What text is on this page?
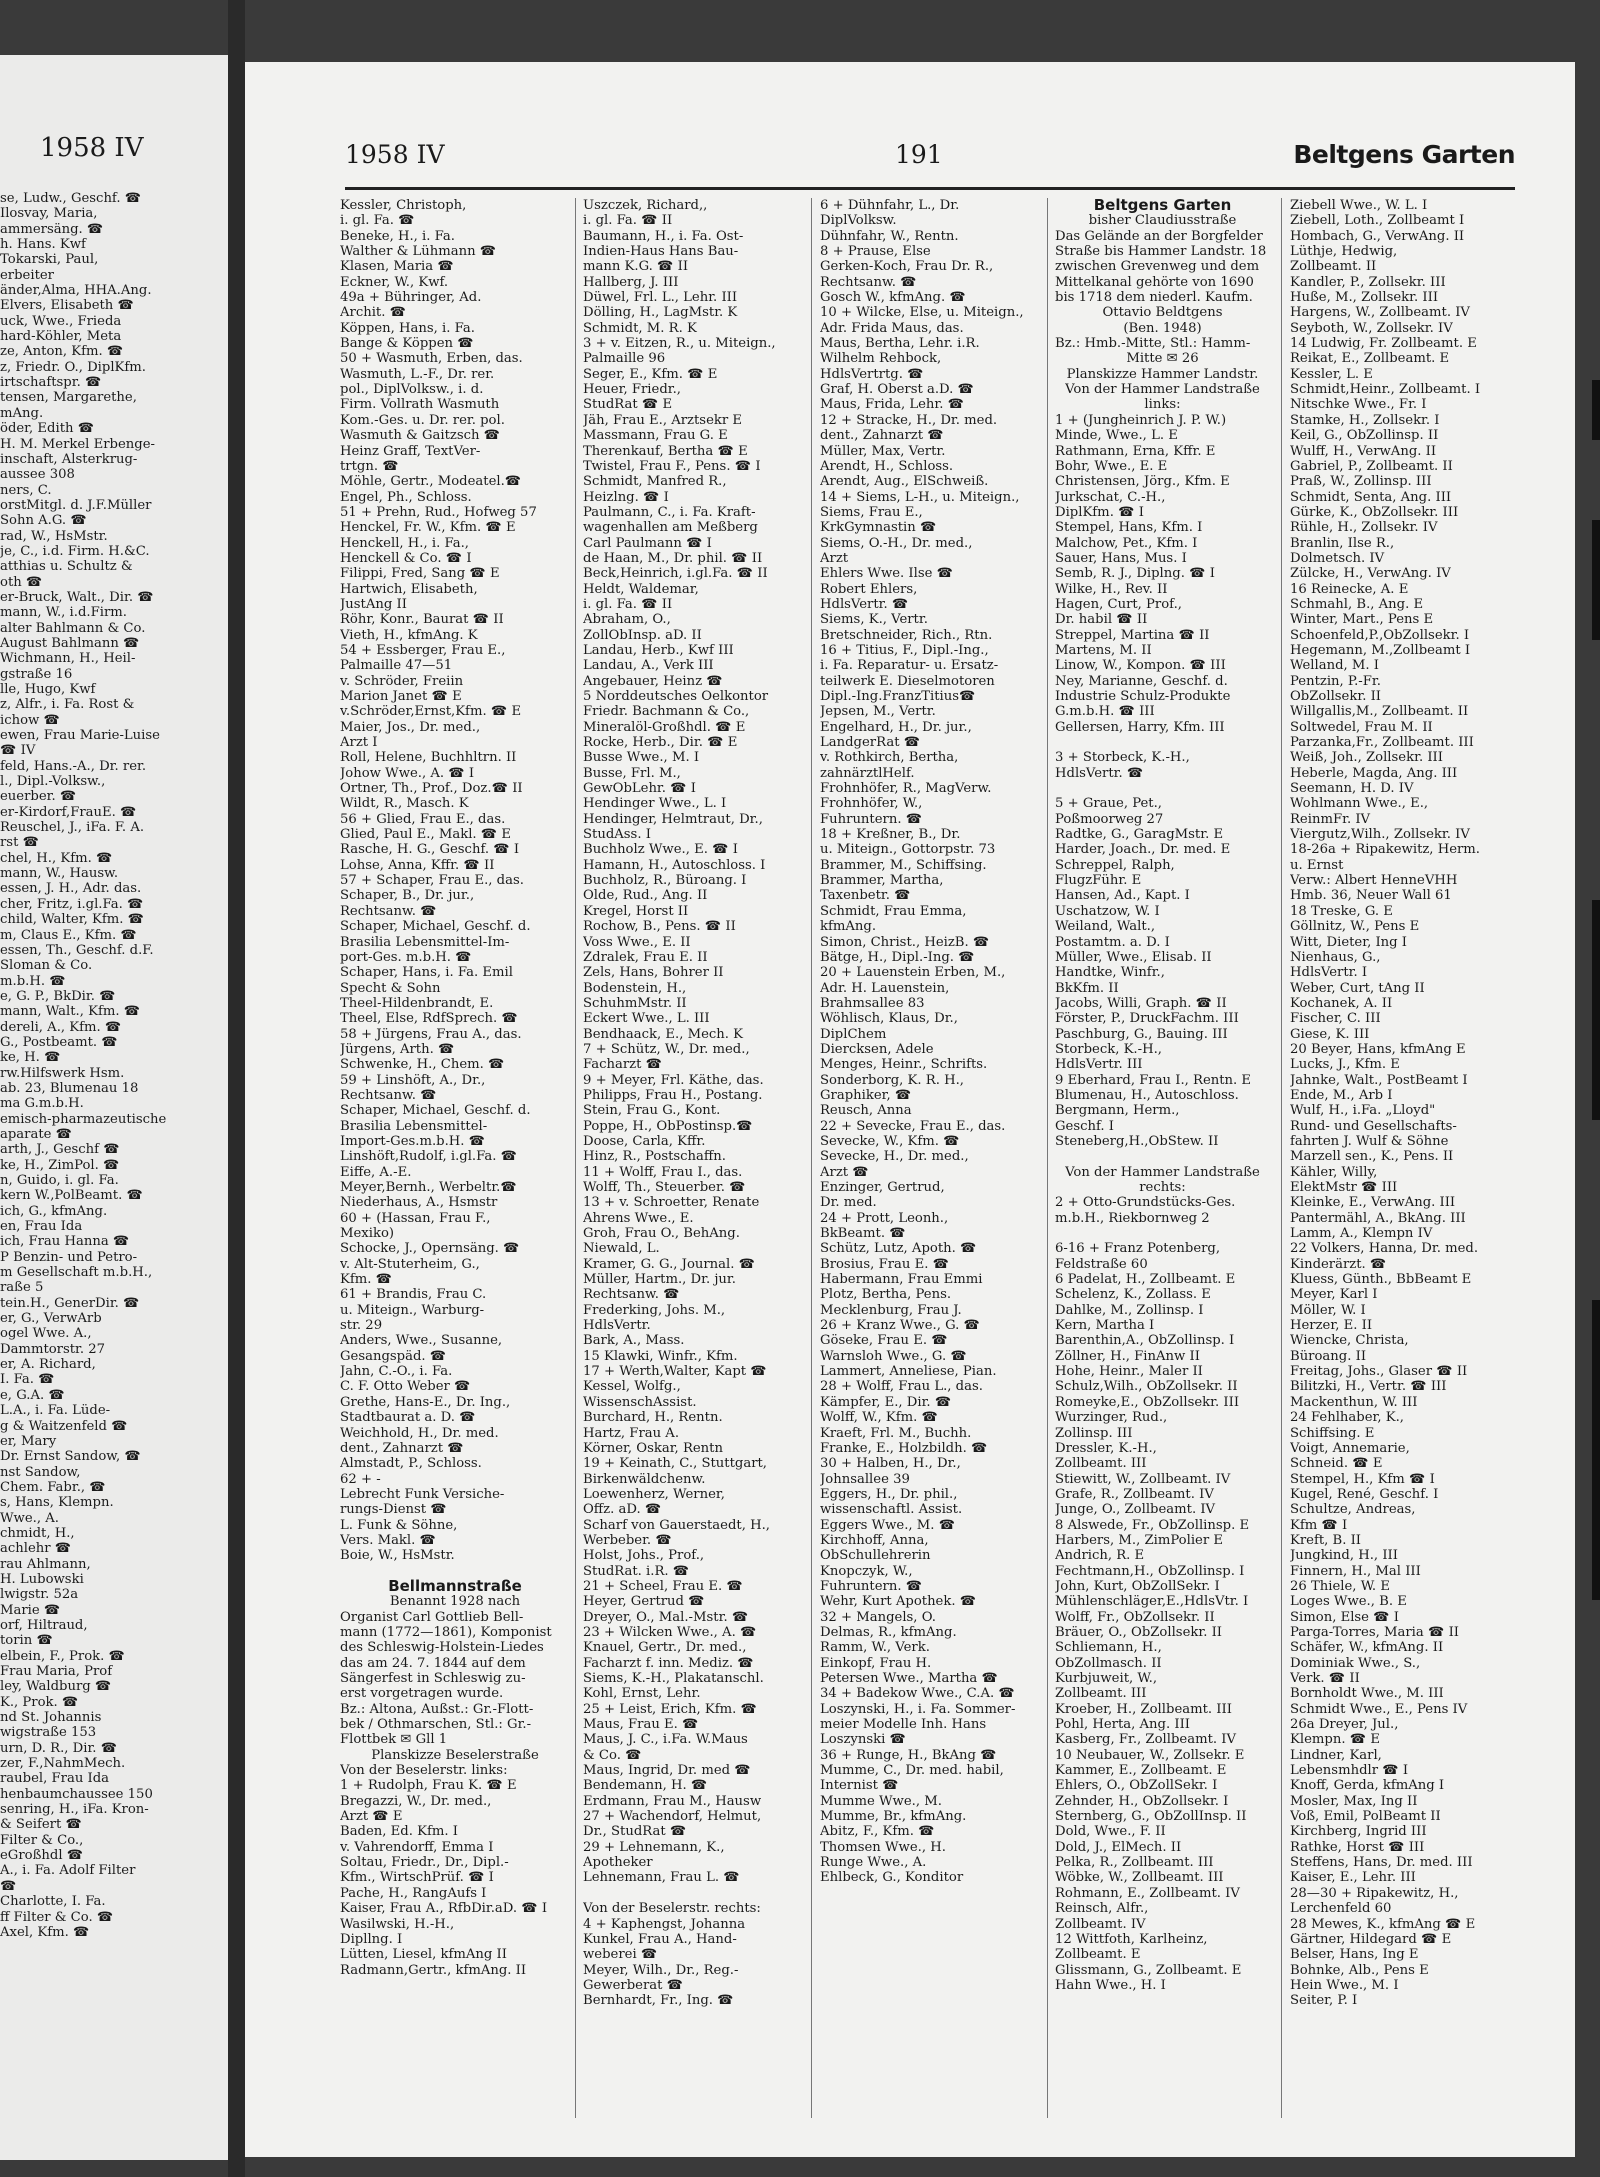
1958 IV
se, Ludw., Geschf. ☎
Ilosvay, Maria,
ammersäng. ☎
h. Hans. Kwf
Tokarski, Paul,
erbeiter
änder,Alma, HHA.Ang.
Elvers, Elisabeth ☎
uck, Wwe., Frieda
hard-Köhler, Meta
ze, Anton, Kfm. ☎
z, Friedr. O., DiplKfm.
irtschaftspr. ☎
tensen, Margarethe,
mAng.
öder, Edith ☎
H. M. Merkel Erbenge-
inschaft, Alsterkrug-
aussee 308
ners, C.
orstMitgl. d. J.F.Müller
Sohn A.G. ☎
rad, W., HsMstr.
je, C., i.d. Firm. H.&C.
atthias u. Schultz &
oth ☎
er-Bruck, Walt., Dir. ☎
mann, W., i.d.Firm.
alter Bahlmann & Co.
August Bahlmann ☎
Wichmann, H., Heil-
gstraße 16
lle, Hugo, Kwf
z, Alfr., i. Fa. Rost &
ichow ☎
ewen, Frau Marie-Luise
☎ IV
feld, Hans.-A., Dr. rer.
l., Dipl.-Volksw.,
euerber. ☎
er-Kirdorf,FrauE. ☎
Reuschel, J., iFa. F. A.
rst ☎
chel, H., Kfm. ☎
mann, W., Hausw.
essen, J. H., Adr. das.
cher, Fritz, i.gl.Fa. ☎
child, Walter, Kfm. ☎
m, Claus E., Kfm. ☎
essen, Th., Geschf. d.F.
Sloman & Co.
m.b.H. ☎
e, G. P., BkDir. ☎
mann, Walt., Kfm. ☎
dereli, A., Kfm. ☎
G., Postbeamt. ☎
ke, H. ☎
rw.Hilfswerk Hsm.
ab. 23, Blumenau 18
ma G.m.b.H.
emisch-pharmazeutische
aparate ☎
arth, J., Geschf ☎
ke, H., ZimPol. ☎
n, Guido, i. gl. Fa.
kern W.,PolBeamt. ☎
ich, G., kfmAng.
en, Frau Ida
ich, Frau Hanna ☎
P Benzin- und Petro-
m Gesellschaft m.b.H.,
raße 5
tein.H., GenerDir. ☎
er, G., VerwArb
ogel Wwe. A.,
Dammtorstr. 27
er, A. Richard,
I. Fa. ☎
e, G.A. ☎
L.A., i. Fa. Lüde-
g & Waitzenfeld ☎
er, Mary
Dr. Ernst Sandow, ☎
nst Sandow,
Chem. Fabr., ☎
s, Hans, Klempn.
Wwe., A.
chmidt, H.,
achlehr ☎
rau Ahlmann,
H. Lubowski
lwigstr. 52a
Marie ☎
orf, Hiltraud,
torin ☎
elbein, F., Prok. ☎
Frau Maria, Prof
ley, Waldburg ☎
K., Prok. ☎
nd St. Johannis
wigstraße 153
urn, D. R., Dir. ☎
zer, F.,NahmMech.
raubel, Frau Ida
henbaumchaussee 150
senring, H., iFa. Kron-
& Seifert ☎
Filter & Co.,
eGroßhdl ☎
A., i. Fa. Adolf Filter
☎
Charlotte, I. Fa.
ff Filter & Co. ☎
Axel, Kfm. ☎
1958 IV	191	Beltgens Garten
Kessler, Christoph,
i. gl. Fa. ☎
Beneke, H., i. Fa.
Walther & Lühmann ☎
Klasen, Maria ☎
Eckner, W., Kwf.
49a + Bühringer, Ad.
Archit. ☎
Köppen, Hans, i. Fa.
Bange & Köppen ☎
50 + Wasmuth, Erben, das.
Wasmuth, L.-F., Dr. rer.
pol., DiplVolksw., i. d.
Firm. Vollrath Wasmuth
Kom.-Ges. u. Dr. rer. pol.
Wasmuth & Gaitzsch ☎
Heinz Graff, TextVer-
trtgn. ☎
Möhle, Gertr., Modeatel.☎
Engel, Ph., Schloss.
51 + Prehn, Rud., Hofweg 57
Henckel, Fr. W., Kfm. ☎ E
Henckell, H., i. Fa.,
Henckell & Co. ☎ I
Filippi, Fred, Sang ☎ E
Hartwich, Elisabeth,
JustAng II
Röhr, Konr., Baurat ☎ II
Vieth, H., kfmAng. K
54 + Essberger, Frau E.,
Palmaille 47—51
v. Schröder, Freiin
Marion Janet ☎ E
v.Schröder,Ernst,Kfm. ☎ E
Maier, Jos., Dr. med.,
Arzt I
Roll, Helene, Buchhltrn. II
Johow Wwe., A. ☎ I
Ortner, Th., Prof., Doz.☎ II
Wildt, R., Masch. K
56 + Glied, Frau E., das.
Glied, Paul E., Makl. ☎ E
Rasche, H. G., Geschf. ☎ I
Lohse, Anna, Kffr. ☎ II
57 + Schaper, Frau E., das.
Schaper, B., Dr. jur.,
Rechtsanw. ☎
Schaper, Michael, Geschf. d.
Brasilia Lebensmittel-Im-
port-Ges. m.b.H. ☎
Schaper, Hans, i. Fa. Emil
Specht & Sohn
Theel-Hildenbrandt, E.
Theel, Else, RdfSprech. ☎
58 + Jürgens, Frau A., das.
Jürgens, Arth. ☎
Schwenke, H., Chem. ☎
59 + Linshöft, A., Dr.,
Rechtsanw. ☎
Schaper, Michael, Geschf. d.
Brasilia Lebensmittel-
Import-Ges.m.b.H. ☎
Linshöft,Rudolf, i.gl.Fa. ☎
Eiffe, A.-E.
Meyer,Bernh., Werbeltr.☎
Niederhaus, A., Hsmstr
60 + (Hassan, Frau F.,
Mexiko)
Schocke, J., Opernsäng. ☎
v. Alt-Stuterheim, G.,
Kfm. ☎
61 + Brandis, Frau C.
u. Miteign., Warburg-
str. 29
Anders, Wwe., Susanne,
Gesangspäd. ☎
Jahn, C.-O., i. Fa.
C. F. Otto Weber ☎
Grethe, Hans-E., Dr. Ing.,
Stadtbaurat a. D. ☎
Weichhold, H., Dr. med.
dent., Zahnarzt ☎
Almstadt, P., Schloss.
62 + -
Lebrecht Funk Versiche-
rungs-Dienst ☎
L. Funk & Söhne,
Vers. Makl. ☎
Boie, W., HsMstr.
Bellmannstraße
Benannt 1928 nach
Organist Carl Gottlieb Bell-
mann (1772—1861), Komponist
des Schleswig-Holstein-Liedes
das am 24. 7. 1844 auf dem
Sängerfest in Schleswig zu-
erst vorgetragen wurde.
Bz.: Altona, Außst.: Gr.-Flott-
bek / Othmarschen, Stl.: Gr.-
Flottbek ✉ Gll 1
Planskizze Beselerstraße
Von der Beselerstr. links:
1 + Rudolph, Frau K. ☎ E
Bregazzi, W., Dr. med.,
Arzt ☎ E
Baden, Ed. Kfm. I
v. Vahrendorff, Emma I
Soltau, Friedr., Dr., Dipl.-
Kfm., WirtschPrüf. ☎ I
Pache, H., RangAufs I
Kaiser, Frau A., RfbDir.aD. ☎ I
Wasilwski, H.-H.,
Dipllng. I
Lütten, Liesel, kfmAng II
Radmann,Gertr., kfmAng. II
Uszczek, Richard,,
i. gl. Fa. ☎ II
Baumann, H., i. Fa. Ost-
Indien-Haus Hans Bau-
mann K.G. ☎ II
Hallberg, J. III
Düwel, Frl. L., Lehr. III
Dölling, H., LagMstr. K
Schmidt, M. R. K
3 + v. Eitzen, R., u. Miteign.,
Palmaille 96
Seger, E., Kfm. ☎ E
Heuer, Friedr.,
StudRat ☎ E
Jäh, Frau E., Arztsekr E
Massmann, Frau G. E
Therenkauf, Bertha ☎ E
Twistel, Frau F., Pens. ☎ I
Schmidt, Manfred R.,
Heizlng. ☎ I
Paulmann, C., i. Fa. Kraft-
wagenhallen am Meßberg
Carl Paulmann ☎ I
de Haan, M., Dr. phil. ☎ II
Beck,Heinrich, i.gl.Fa. ☎ II
Heldt, Waldemar,
i. gl. Fa. ☎ II
Abraham, O.,
ZollObInsp. aD. II
Landau, Herb., Kwf III
Landau, A., Verk III
Angebauer, Heinz ☎
5 Norddeutsches Oelkontor
Friedr. Bachmann & Co.,
Mineralöl-Großhdl. ☎ E
Rocke, Herb., Dir. ☎ E
Busse Wwe., M. I
Busse, Frl. M.,
GewObLehr. ☎ I
Hendinger Wwe., L. I
Hendinger, Helmtraut, Dr.,
StudAss. I
Buchholz Wwe., E. ☎ I
Hamann, H., Autoschloss. I
Buchholz, R., Büroang. I
Olde, Rud., Ang. II
Kregel, Horst II
Rochow, B., Pens. ☎ II
Voss Wwe., E. II
Zdralek, Frau E. II
Zels, Hans, Bohrer II
Bodenstein, H.,
SchuhmMstr. II
Eckert Wwe., L. III
Bendhaack, E., Mech. K
7 + Schütz, W., Dr. med.,
Facharzt ☎
9 + Meyer, Frl. Käthe, das.
Philipps, Frau H., Postang.
Stein, Frau G., Kont.
Poppe, H., ObPostinsp.☎
Doose, Carla, Kffr.
Hinz, R., Postschaffn.
11 + Wolff, Frau I., das.
Wolff, Th., Steuerber. ☎
13 + v. Schroetter, Renate
Ahrens Wwe., E.
Groh, Frau O., BehAng.
Niewald, L.
Kramer, G. G., Journal. ☎
Müller, Hartm., Dr. jur.
Rechtsanw. ☎
Frederking, Johs. M.,
HdlsVertr.
Bark, A., Mass.
15 Klawki, Winfr., Kfm.
17 + Werth,Walter, Kapt ☎
Kessel, Wolfg.,
WissenschAssist.
Burchard, H., Rentn.
Hartz, Frau A.
Körner, Oskar, Rentn
19 + Keinath, C., Stuttgart,
Birkenwäldchenw.
Loewenherz, Werner,
Offz. aD. ☎
Scharf von Gauerstaedt, H.,
Werbeber. ☎
Holst, Johs., Prof.,
StudRat. i.R. ☎
21 + Scheel, Frau E. ☎
Heyer, Gertrud ☎
Dreyer, O., Mal.-Mstr. ☎
23 + Wilcken Wwe., A. ☎
Knauel, Gertr., Dr. med.,
Facharzt f. inn. Mediz. ☎
Siems, K.-H., Plakatanschl.
Kohl, Ernst, Lehr.
25 + Leist, Erich, Kfm. ☎
Maus, Frau E. ☎
Maus, J. C., i.Fa. W.Maus
& Co. ☎
Maus, Ingrid, Dr. med ☎
Bendemann, H. ☎
Erdmann, Frau M., Hausw
27 + Wachendorf, Helmut,
Dr., StudRat ☎
29 + Lehnemann, K.,
Apotheker
Lehnemann, Frau L. ☎
Von der Beselerstr. rechts:
4 + Kaphengst, Johanna
Kunkel, Frau A., Hand-
weberei ☎
Meyer, Wilh., Dr., Reg.-
Gewerberat ☎
Bernhardt, Fr., Ing. ☎
6 + Dühnfahr, L., Dr.
DiplVolksw.
Dühnfahr, W., Rentn.
8 + Prause, Else
Gerken-Koch, Frau Dr. R.,
Rechtsanw. ☎
Gosch W., kfmAng. ☎
10 + Wilcke, Else, u. Miteign.,
Adr. Frida Maus, das.
Maus, Bertha, Lehr. i.R.
Wilhelm Rehbock,
HdlsVertrtg. ☎
Graf, H. Oberst a.D. ☎
Maus, Frida, Lehr. ☎
12 + Stracke, H., Dr. med.
dent., Zahnarzt ☎
Müller, Max, Vertr.
Arendt, H., Schloss.
Arendt, Aug., ElSchweiß.
14 + Siems, L-H., u. Miteign.,
Siems, Frau E.,
KrkGymnastin ☎
Siems, O.-H., Dr. med.,
Arzt
Ehlers Wwe. Ilse ☎
Robert Ehlers,
HdlsVertr. ☎
Siems, K., Vertr.
Bretschneider, Rich., Rtn.
16 + Titius, F., Dipl.-Ing.,
i. Fa. Reparatur- u. Ersatz-
teilwerk E. Dieselmotoren
Dipl.-Ing.FranzTitius☎
Jepsen, M., Vertr.
Engelhard, H., Dr. jur.,
LandgerRat ☎
v. Rothkirch, Bertha,
zahnärztlHelf.
Frohnhöfer, R., MagVerw.
Frohnhöfer, W.,
Fuhruntern. ☎
18 + Kreßner, B., Dr.
u. Miteign., Gottorpstr. 73
Brammer, M., Schiffsing.
Brammer, Martha,
Taxenbetr. ☎
Schmidt, Frau Emma,
kfmAng.
Simon, Christ., HeizB. ☎
Bätge, H., Dipl.-Ing. ☎
20 + Lauenstein Erben, M.,
Adr. H. Lauenstein,
Brahmsallee 83
Wöhlisch, Klaus, Dr.,
DiplChem
Diercksen, Adele
Menges, Heinr., Schrifts.
Sonderborg, K. R. H.,
Graphiker, ☎
Reusch, Anna
22 + Sevecke, Frau E., das.
Sevecke, W., Kfm. ☎
Sevecke, H., Dr. med.,
Arzt ☎
Enzinger, Gertrud,
Dr. med.
24 + Prott, Leonh.,
BkBeamt. ☎
Schütz, Lutz, Apoth. ☎
Brosius, Frau E. ☎
Habermann, Frau Emmi
Plotz, Bertha, Pens.
Mecklenburg, Frau J.
26 + Kranz Wwe., G. ☎
Göseke, Frau E. ☎
Warnsloh Wwe., G. ☎
Lammert, Anneliese, Pian.
28 + Wolff, Frau L., das.
Kämpfer, E., Dir. ☎
Wolff, W., Kfm. ☎
Kraeft, Frl. M., Buchh.
Franke, E., Holzbildh. ☎
30 + Halben, H., Dr.,
Johnsallee 39
Eggers, H., Dr. phil.,
wissenschaftl. Assist.
Eggers Wwe., M. ☎
Kirchhoff, Anna,
ObSchullehrerin
Knopczyk, W.,
Fuhruntern. ☎
Wehr, Kurt Apothek. ☎
32 + Mangels, O.
Delmas, R., kfmAng.
Ramm, W., Verk.
Einkopf, Frau H.
Petersen Wwe., Martha ☎
34 + Badekow Wwe., C.A. ☎
Loszynski, H., i. Fa. Sommer-
meier Modelle Inh. Hans
Loszynski ☎
36 + Runge, H., BkAng ☎
Mumme, C., Dr. med. habil,
Internist ☎
Mumme Wwe., M.
Mumme, Br., kfmAng.
Abitz, F., Kfm. ☎
Thomsen Wwe., H.
Runge Wwe., A.
Ehlbeck, G., Konditor
Beltgens Garten
bisher Claudiusstraße
Das Gelände an der Borgfelder
Straße bis Hammer Landstr. 18
zwischen Grevenweg und dem
Mittelkanal gehörte von 1690
bis 1718 dem niederl. Kaufm.
Ottavio Beldtgens
(Ben. 1948)
Bz.: Hmb.-Mitte, Stl.: Hamm-
Mitte ✉ 26
Planskizze Hammer Landstr.
Von der Hammer Landstraße
links:
1 + (Jungheinrich J. P. W.)
Minde, Wwe., L. E
Rathmann, Erna, Kffr. E
Bohr, Wwe., E. E
Christensen, Jörg., Kfm. E
Jurkschat, C.-H.,
DiplKfm. ☎ I
Stempel, Hans, Kfm. I
Malchow, Pet., Kfm. I
Sauer, Hans, Mus. I
Semb, R. J., Diplng. ☎ I
Wilke, H., Rev. II
Hagen, Curt, Prof.,
Dr. habil ☎ II
Streppel, Martina ☎ II
Martens, M. II
Linow, W., Kompon. ☎ III
Ney, Marianne, Geschf. d.
Industrie Schulz-Produkte
G.m.b.H. ☎ III
Gellersen, Harry, Kfm. III
3 + Storbeck, K.-H.,
HdlsVertr. ☎
5 + Graue, Pet.,
Poßmoorweg 27
Radtke, G., GaragMstr. E
Harder, Joach., Dr. med. E
Schreppel, Ralph,
FlugzFühr. E
Hansen, Ad., Kapt. I
Uschatzow, W. I
Weiland, Walt.,
Postamtm. a. D. I
Müller, Wwe., Elisab. II
Handtke, Winfr.,
BkKfm. II
Jacobs, Willi, Graph. ☎ II
Förster, P., DruckFachm. III
Paschburg, G., Bauing. III
Storbeck, K.-H.,
HdlsVertr. III
9 Eberhard, Frau I., Rentn. E
Blumenau, H., Autoschloss.
Bergmann, Herm.,
Geschf. I
Steneberg,H.,ObStew. II
Von der Hammer Landstraße
rechts:
2 + Otto-Grundstücks-Ges.
m.b.H., Riekbornweg 2
6-16 + Franz Potenberg,
Feldstraße 60
6 Padelat, H., Zollbeamt. E
Schelenz, K., Zollass. E
Dahlke, M., Zollinsp. I
Kern, Martha I
Barenthin,A., ObZollinsp. I
Zöllner, H., FinAnw II
Hohe, Heinr., Maler II
Schulz,Wilh., ObZollsekr. II
Romeyke,E., ObZollsekr. III
Wurzinger, Rud.,
Zollinsp. III
Dressler, K.-H.,
Zollbeamt. III
Stiewitt, W., Zollbeamt. IV
Grafe, R., Zollbeamt. IV
Junge, O., Zollbeamt. IV
8 Alswede, Fr., ObZollinsp. E
Harbers, M., ZimPolier E
Andrich, R. E
Fechtmann,H., ObZollinsp. I
John, Kurt, ObZollSekr. I
Mühlenschläger,E.,HdlsVtr. I
Wolff, Fr., ObZollsekr. II
Bräuer, O., ObZollsekr. II
Schliemann, H.,
ObZollmasch. II
Kurbjuweit, W.,
Zollbeamt. III
Kroeber, H., Zollbeamt. III
Pohl, Herta, Ang. III
Kasberg, Fr., Zollbeamt. IV
10 Neubauer, W., Zollsekr. E
Kammer, E., Zollbeamt. E
Ehlers, O., ObZollSekr. I
Zehnder, H., ObZollsekr. I
Sternberg, G., ObZollInsp. II
Dold, Wwe., F. II
Dold, J., ElMech. II
Pelka, R., Zollbeamt. III
Wöbke, W., Zollbeamt. III
Rohmann, E., Zollbeamt. IV
Reinsch, Alfr.,
Zollbeamt. IV
12 Wittfoth, Karlheinz,
Zollbeamt. E
Glissmann, G., Zollbeamt. E
Hahn Wwe., H. I
Ziebell Wwe., W. L. I
Ziebell, Loth., Zollbeamt I
Hombach, G., VerwAng. II
Lüthje, Hedwig,
Zollbeamt. II
Kandler, P., Zollsekr. III
Huße, M., Zollsekr. III
Hargens, W., Zollbeamt. IV
Seyboth, W., Zollsekr. IV
14 Ludwig, Fr. Zollbeamt. E
Reikat, E., Zollbeamt. E
Kessler, L. E
Schmidt,Heinr., Zollbeamt. I
Nitschke Wwe., Fr. I
Stamke, H., Zollsekr. I
Keil, G., ObZollinsp. II
Wulff, H., VerwAng. II
Gabriel, P., Zollbeamt. II
Praß, W., Zollinsp. III
Schmidt, Senta, Ang. III
Gürke, K., ObZollsekr. III
Rühle, H., Zollsekr. IV
Branlin, Ilse R.,
Dolmetsch. IV
Zülcke, H., VerwAng. IV
16 Reinecke, A. E
Schmahl, B., Ang. E
Winter, Mart., Pens E
Schoenfeld,P.,ObZollsekr. I
Hegemann, M.,Zollbeamt I
Welland, M. I
Pentzin, P.-Fr.
ObZollsekr. II
Willgallis,M., Zollbeamt. II
Soltwedel, Frau M. II
Parzanka,Fr., Zollbeamt. III
Weiß, Joh., Zollsekr. III
Heberle, Magda, Ang. III
Seemann, H. D. IV
Wohlmann Wwe., E.,
ReinmFr. IV
Viergutz,Wilh., Zollsekr. IV
18-26a + Ripakewitz, Herm.
u. Ernst
Verw.: Albert HenneVHH
Hmb. 36, Neuer Wall 61
18 Treske, G. E
Göllnitz, W., Pens E
Witt, Dieter, Ing I
Nienhaus, G.,
HdlsVertr. I
Weber, Curt, tAng II
Kochanek, A. II
Fischer, C. III
Giese, K. III
20 Beyer, Hans, kfmAng E
Lucks, J., Kfm. E
Jahnke, Walt., PostBeamt I
Ende, M., Arb I
Wulf, H., i.Fa. „Lloyd"
Rund- und Gesellschafts-
fahrten J. Wulf & Söhne
Marzell sen., K., Pens. II
Kähler, Willy,
ElektMstr ☎ III
Kleinke, E., VerwAng. III
Pantermähl, A., BkAng. III
Lamm, A., Klempn IV
22 Volkers, Hanna, Dr. med.
Kinderärzt. ☎
Kluess, Günth., BbBeamt E
Meyer, Karl I
Möller, W. I
Herzer, E. II
Wiencke, Christa,
Büroang. II
Freitag, Johs., Glaser ☎ II
Bilitzki, H., Vertr. ☎ III
Mackenthun, W. III
24 Fehlhaber, K.,
Schiffsing. E
Voigt, Annemarie,
Schneid. ☎ E
Stempel, H., Kfm ☎ I
Kugel, René, Geschf. I
Schultze, Andreas,
Kfm ☎ I
Kreft, B. II
Jungkind, H., III
Finnern, H., Mal III
26 Thiele, W. E
Loges Wwe., B. E
Simon, Else ☎ I
Parga-Torres, Maria ☎ II
Schäfer, W., kfmAng. II
Dominiak Wwe., S.,
Verk. ☎ II
Bornholdt Wwe., M. III
Schmidt Wwe., E., Pens IV
26a Dreyer, Jul.,
Klempn. ☎ E
Lindner, Karl,
Lebensmhdlr ☎ I
Knoff, Gerda, kfmAng I
Mosler, Max, Ing II
Voß, Emil, PolBeamt II
Kirchberg, Ingrid III
Rathke, Horst ☎ III
Steffens, Hans, Dr. med. III
Kaiser, E., Lehr. III
28—30 + Ripakewitz, H.,
Lerchenfeld 60
28 Mewes, K., kfmAng ☎ E
Gärtner, Hildegard ☎ E
Belser, Hans, Ing E
Bohnke, Alb., Pens E
Hein Wwe., M. I
Seiter, P. I
